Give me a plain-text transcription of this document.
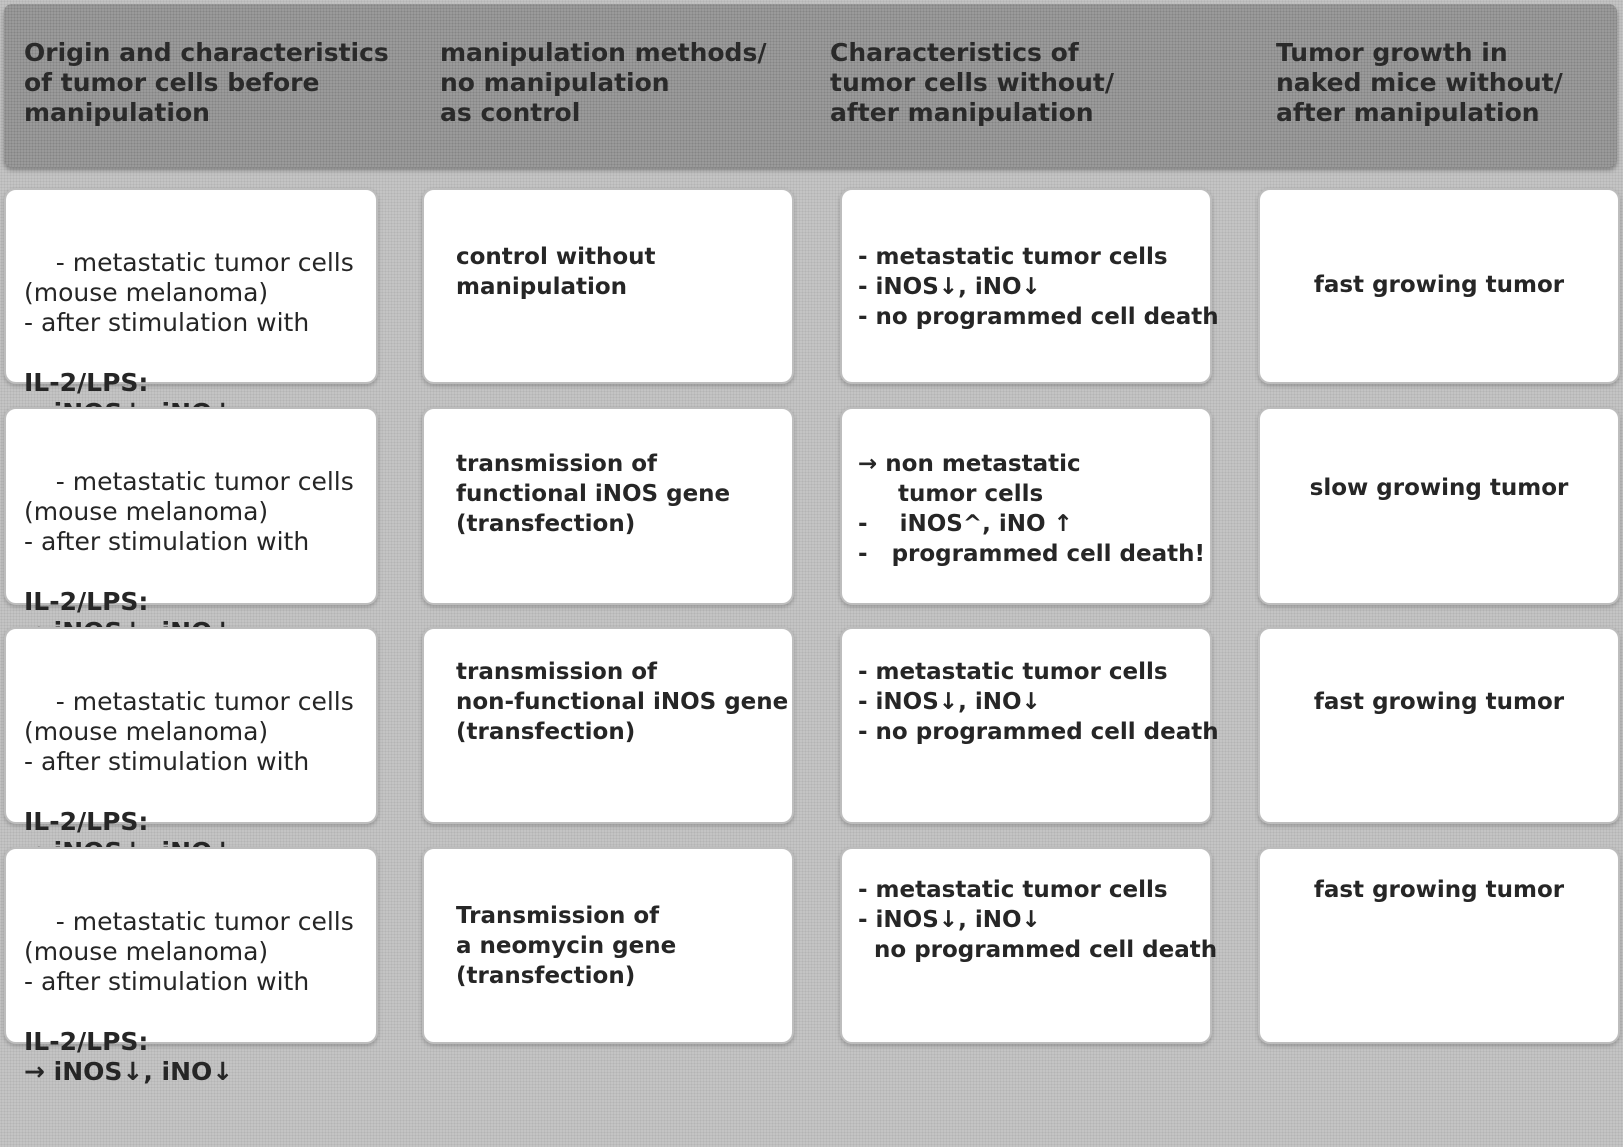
Origin and characteristics
of tumor cells before
manipulation
manipulation methods/
no manipulation
as control
Characteristics of
tumor cells without/
after manipulation
Tumor growth in
naked mice without/
after manipulation

- metastatic tumor cells
(mouse melanoma)
- after stimulation with

IL-2/LPS:

control without
manipulation
- metastatic tumor cells
- iNOS↓, iNO↓
- no programmed cell death
fast growing tumor

- metastatic tumor cells
(mouse melanoma)
- after stimulation with

IL-2/LPS:

transmission of
functional iNOS gene
(transfection)
→ non metastatic
tumor cells
-    iNOS^, iNO ↑
-   programmed cell death!
slow growing tumor

- metastatic tumor cells
(mouse melanoma)
- after stimulation with

IL-2/LPS:

transmission of
non-functional iNOS gene
(transfection)
- metastatic tumor cells
- iNOS↓, iNO↓
- no programmed cell death
fast growing tumor

- metastatic tumor cells
(mouse melanoma)
- after stimulation with

IL-2/LPS:
→ iNOS↓, iNO↓

Transmission of
a neomycin gene
(transfection)
- metastatic tumor cells
- iNOS↓, iNO↓
no programmed cell death
fast growing tumor
